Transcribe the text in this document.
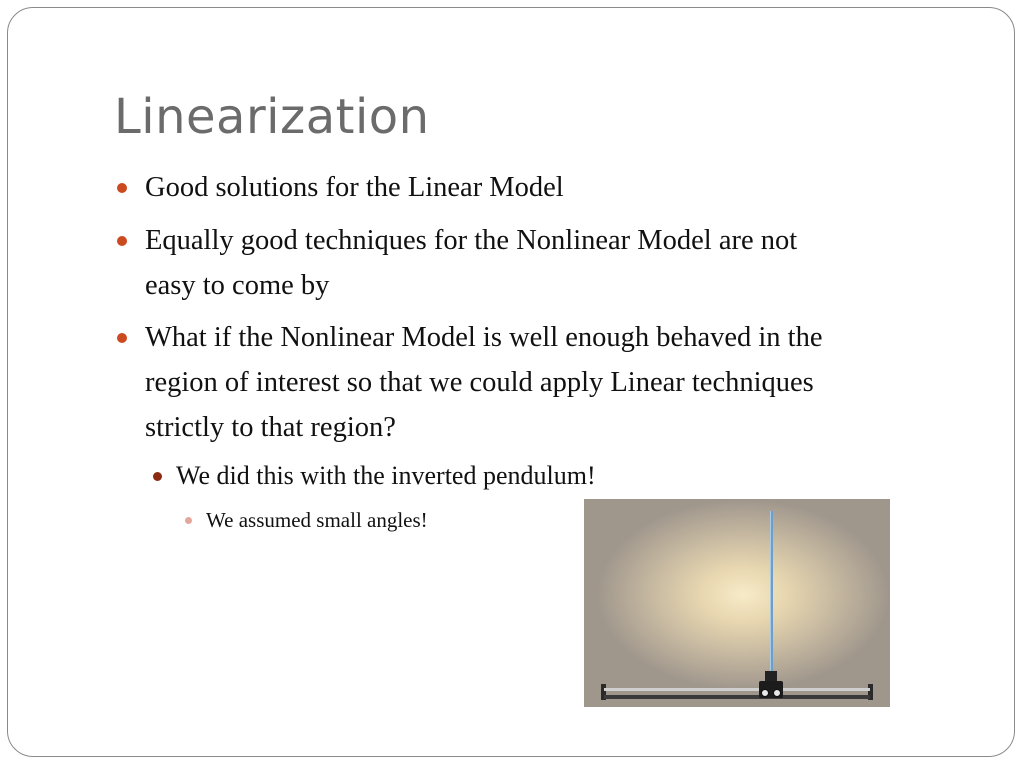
Linearization

Good solutions for the Linear Model

Equally good techniques for the Nonlinear Model are not

easy to come by

What if the Nonlinear Model is well enough behaved in the

region of interest so that we could apply Linear techniques

strictly to that region?

We did this with the inverted pendulum!

We assumed small angles!
